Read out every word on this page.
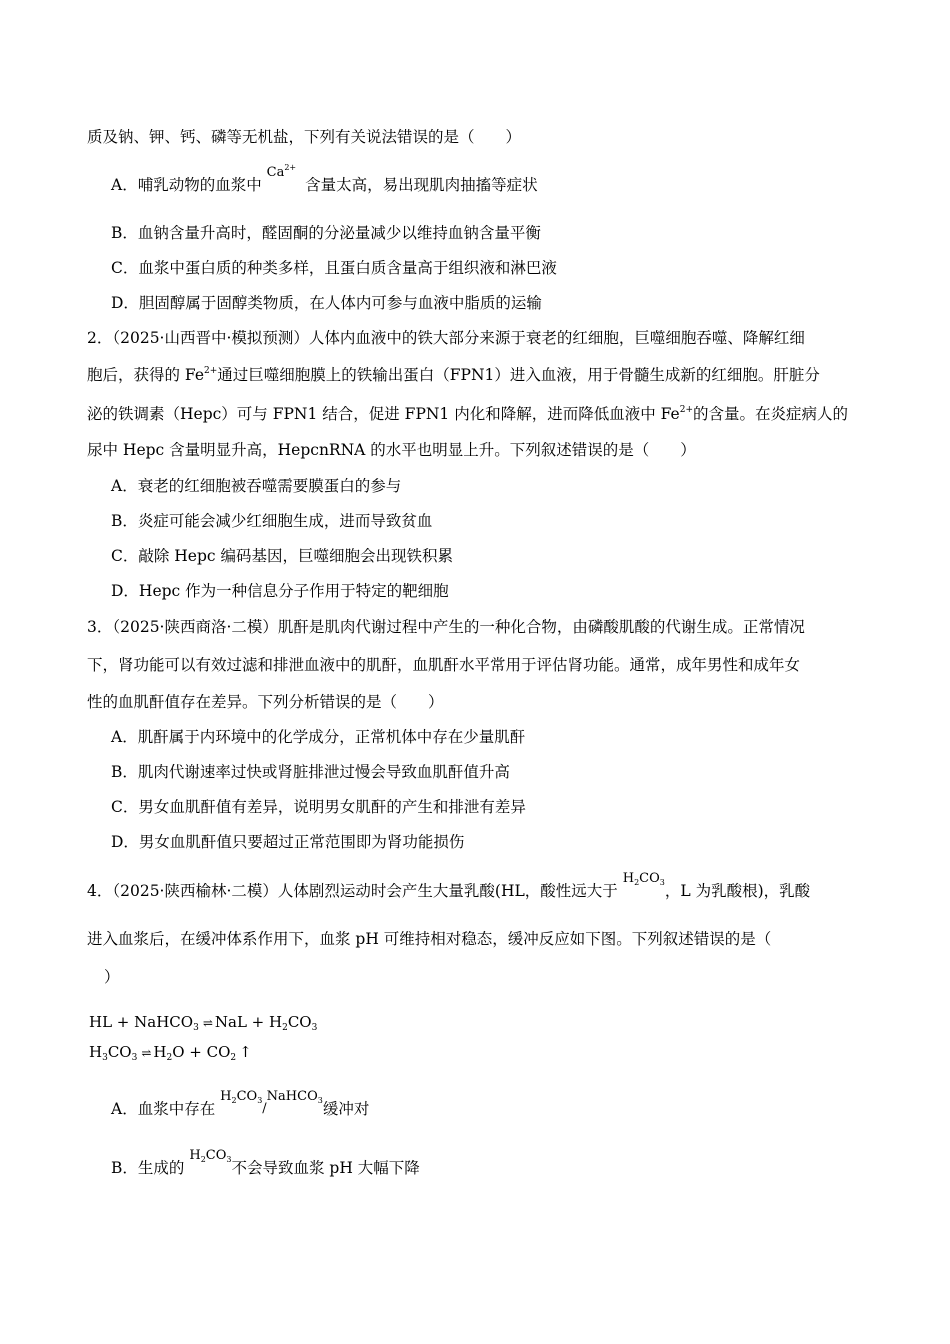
质及钠、钾、钙、磷等无机盐，下列有关说法错误的是（　　）
A．哺乳动物的血浆中 $Ca^{2+}$ 含量太高，易出现肌肉抽搐等症状
B．血钠含量升高时，醛固酮的分泌量减少以维持血钠含量平衡
C．血浆中蛋白质的种类多样，且蛋白质含量高于组织液和淋巴液
D．胆固醇属于固醇类物质，在人体内可参与血液中脂质的运输
2．（2025·山西晋中·模拟预测）人体内血液中的铁大部分来源于衰老的红细胞，巨噬细胞吞噬、降解红细
胞后，获得的 $Fe^{2+}$通过巨噬细胞膜上的铁输出蛋白（FPN1）进入血液，用于骨髓生成新的红细胞。肝脏分
泌的铁调素（Hepc）可与 FPN1 结合，促进 FPN1 内化和降解，进而降低血液中 $Fe^{2+}$的含量。在炎症病人的
尿中 Hepc 含量明显升高，HepcnRNA 的水平也明显上升。下列叙述错误的是（　　）
A．衰老的红细胞被吞噬需要膜蛋白的参与
B．炎症可能会减少红细胞生成，进而导致贫血
C．敲除 Hepc 编码基因，巨噬细胞会出现铁积累
D．Hepc 作为一种信息分子作用于特定的靶细胞
3．（2025·陕西商洛·二模）肌酐是肌肉代谢过程中产生的一种化合物，由磷酸肌酸的代谢生成。正常情况
下，肾功能可以有效过滤和排泄血液中的肌酐，血肌酐水平常用于评估肾功能。通常，成年男性和成年女
性的血肌酐值存在差异。下列分析错误的是（　　）
A．肌酐属于内环境中的化学成分，正常机体中存在少量肌酐
B．肌肉代谢速率过快或肾脏排泄过慢会导致血肌酐值升高
C．男女血肌酐值有差异，说明男女肌酐的产生和排泄有差异
D．男女血肌酐值只要超过正常范围即为肾功能损伤
4．（2025·陕西榆林·二模）人体剧烈运动时会产生大量乳酸(HL，酸性远大于 $H_2CO_3$，L 为乳酸根)，乳酸
进入血浆后，在缓冲体系作用下，血浆 pH 可维持相对稳态，缓冲反应如下图。下列叙述错误的是（
）
HL + NaHCO$_3$ ⇌ NaL + $H_2CO_3$
$H_3CO_3$ ⇌ $H_2O + CO_2$ ↑
A．血浆中存在 $H_2CO_3/NaHCO_3$缓冲对
B．生成的 $H_2CO_3$不会导致血浆 pH 大幅下降
